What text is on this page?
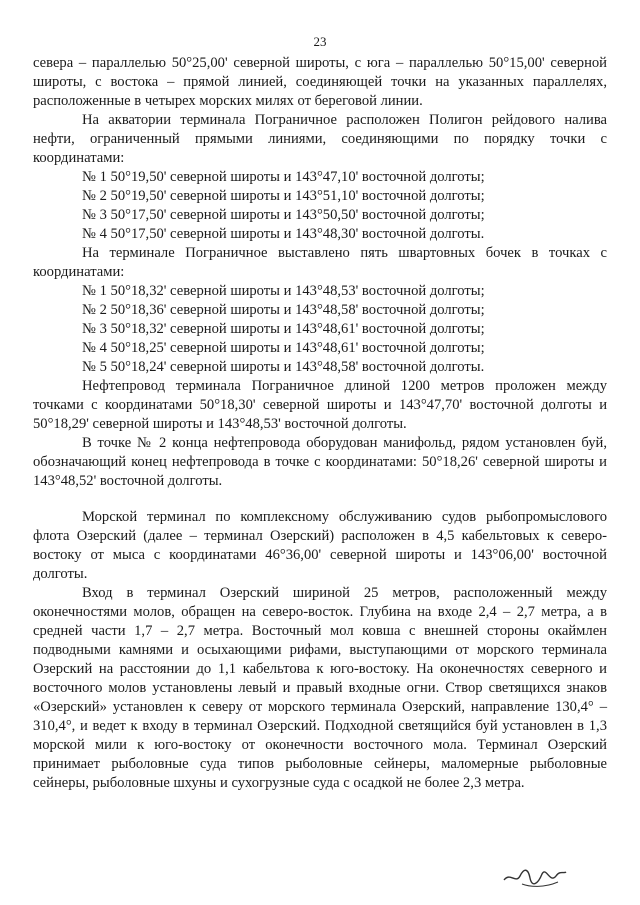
23

севера – параллелью 50°25,00' северной широты, с юга – параллелью 50°15,00' северной широты, с востока – прямой линией, соединяющей точки на указанных параллелях, расположенные в четырех морских милях от береговой линии.

На акватории терминала Пограничное расположен Полигон рейдового налива нефти, ограниченный прямыми линиями, соединяющими по порядку точки с координатами:

№ 1 50°19,50' северной широты и 143°47,10' восточной долготы;
№ 2 50°19,50' северной широты и 143°51,10' восточной долготы;
№ 3 50°17,50' северной широты и 143°50,50' восточной долготы;
№ 4 50°17,50' северной широты и 143°48,30' восточной долготы.

На терминале Пограничное выставлено пять швартовных бочек в точках с координатами:

№ 1 50°18,32' северной широты и 143°48,53' восточной долготы;
№ 2 50°18,36' северной широты и 143°48,58' восточной долготы;
№ 3 50°18,32' северной широты и 143°48,61' восточной долготы;
№ 4 50°18,25' северной широты и 143°48,61' восточной долготы;
№ 5 50°18,24' северной широты и 143°48,58' восточной долготы.

Нефтепровод терминала Пограничное длиной 1200 метров проложен между точками с координатами 50°18,30' северной широты и 143°47,70' восточной долготы и 50°18,29' северной широты и 143°48,53' восточной долготы.

В точке № 2 конца нефтепровода оборудован манифольд, рядом установлен буй, обозначающий конец нефтепровода в точке с координатами: 50°18,26' северной широты и 143°48,52' восточной долготы.

Морской терминал по комплексному обслуживанию судов рыбопромыслового флота Озерский (далее – терминал Озерский) расположен в 4,5 кабельтовых к северо-востоку от мыса с координатами 46°36,00' северной широты и 143°06,00' восточной долготы.

Вход в терминал Озерский шириной 25 метров, расположенный между оконечностями молов, обращен на северо-восток. Глубина на входе 2,4 – 2,7 метра, а в средней части 1,7 – 2,7 метра. Восточный мол ковша с внешней стороны окаймлен подводными камнями и осыхающими рифами, выступающими от морского терминала Озерский на расстоянии до 1,1 кабельтова к юго-востоку. На оконечностях северного и восточного молов установлены левый и правый входные огни. Створ светящихся знаков «Озерский» установлен к северу от морского терминала Озерский, направление 130,4° – 310,4°, и ведет к входу в терминал Озерский. Подходной светящийся буй установлен в 1,3 морской мили к юго-востоку от оконечности восточного мола. Терминал Озерский принимает рыболовные суда типов рыболовные сейнеры, маломерные рыболовные сейнеры, рыболовные шхуны и сухогрузные суда с осадкой не более 2,3 метра.
